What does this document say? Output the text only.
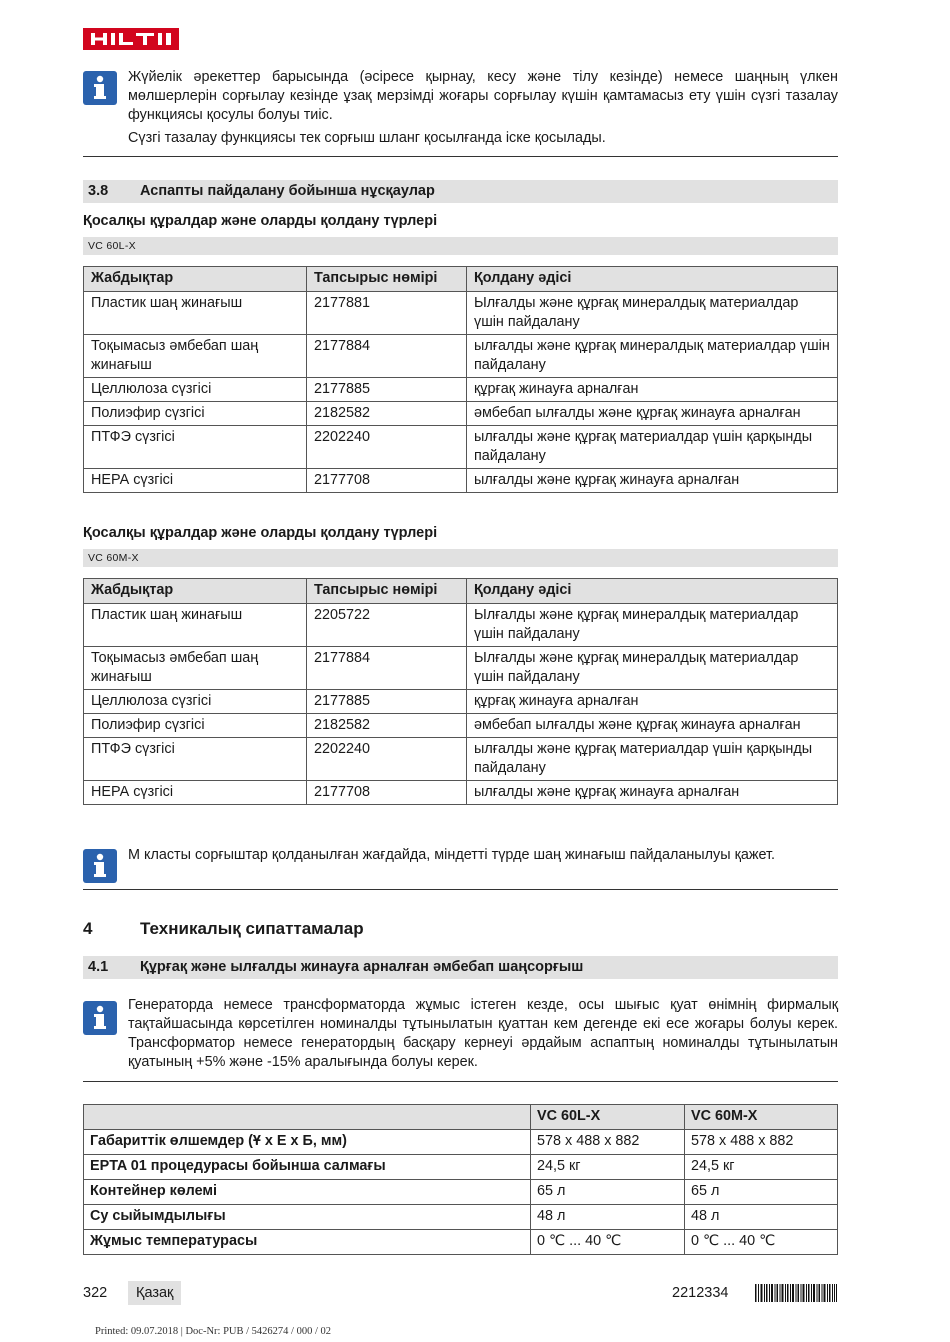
Жүйелік әрекеттер барысында (әсіресе қырнау, кесу және тілу кезінде) немесе шаңның үлкен мөлшерлерін сорғылау кезінде ұзақ мерзімді жоғары сорғылау күшін қамтамасыз ету үшін сүзгі тазалау функциясы қосулы болуы тиіс.

Сүзгі тазалау функциясы тек сорғыш шланг қосылғанда іске қосылады.

3.8 Аспапты пайдалану бойынша нұсқаулар
Қосалқы құралдар және оларды қолдану түрлері
VC 60L-X
Жабдықтар	Тапсырыс нөмірі	Қолдану әдісі
Пластик шаң жинағыш	2177881	Ылғалды және құрғақ минералдық материалдар үшін пайдалану
Тоқымасыз әмбебап шаң жинағыш	2177884	ылғалды және құрғақ минералдық материалдар үшін пайдалану
Целлюлоза сүзгісі	2177885	құрғақ жинауға арналған
Полиэфир сүзгісі	2182582	әмбебап ылғалды және құрғақ жинауға арналған
ПТФЭ сүзгісі	2202240	ылғалды және құрғақ материалдар үшін қарқынды пайдалану
НЕРА сүзгісі	2177708	ылғалды және құрғақ жинауға арналған
Қосалқы құралдар және оларды қолдану түрлері
VC 60M-X
Жабдықтар	Тапсырыс нөмірі	Қолдану әдісі
Пластик шаң жинағыш	2205722	Ылғалды және құрғақ минералдық материалдар үшін пайдалану
Тоқымасыз әмбебап шаң жинағыш	2177884	Ылғалды және құрғақ минералдық материалдар үшін пайдалану
Целлюлоза сүзгісі	2177885	құрғақ жинауға арналған
Полиэфир сүзгісі	2182582	әмбебап ылғалды және құрғақ жинауға арналған
ПТФЭ сүзгісі	2202240	ылғалды және құрғақ материалдар үшін қарқынды пайдалану
НЕРА сүзгісі	2177708	ылғалды және құрғақ жинауға арналған

М класты сорғыштар қолданылған жағдайда, міндетті түрде шаң жинағыш пайдаланылуы қажет.

4	Техникалық сипаттамалар
4.1 Құрғақ және ылғалды жинауға арналған әмбебап шаңсорғыш

Генераторда немесе трансформаторда жұмыс істеген кезде, осы шығыс қуат өнімнің фирмалық тақтайшасында көрсетілген номиналды тұтынылатын қуаттан кем дегенде екі есе жоғары болуы керек. Трансформатор немесе генератордың басқару кернеуі әрдайым аспаптың номиналды тұтынылатын қуатының +5% және -15% аралығында болуы керек.

	VC 60L-X	VC 60M-X
Габариттік өлшемдер (Ұ х Е х Б, мм)	578 x 488 x 882	578 x 488 x 882
EPTA 01 процедурасы бойынша салмағы	24,5 кг	24,5 кг
Контейнер көлемі	65 л	65 л
Су сыйымдылығы	48 л	48 л
Жұмыс температурасы	0 ℃ ... 40 ℃	0 ℃ ... 40 ℃
322	Қазақ	2212334
Printed: 09.07.2018 | Doc-Nr: PUB / 5426274 / 000 / 02
